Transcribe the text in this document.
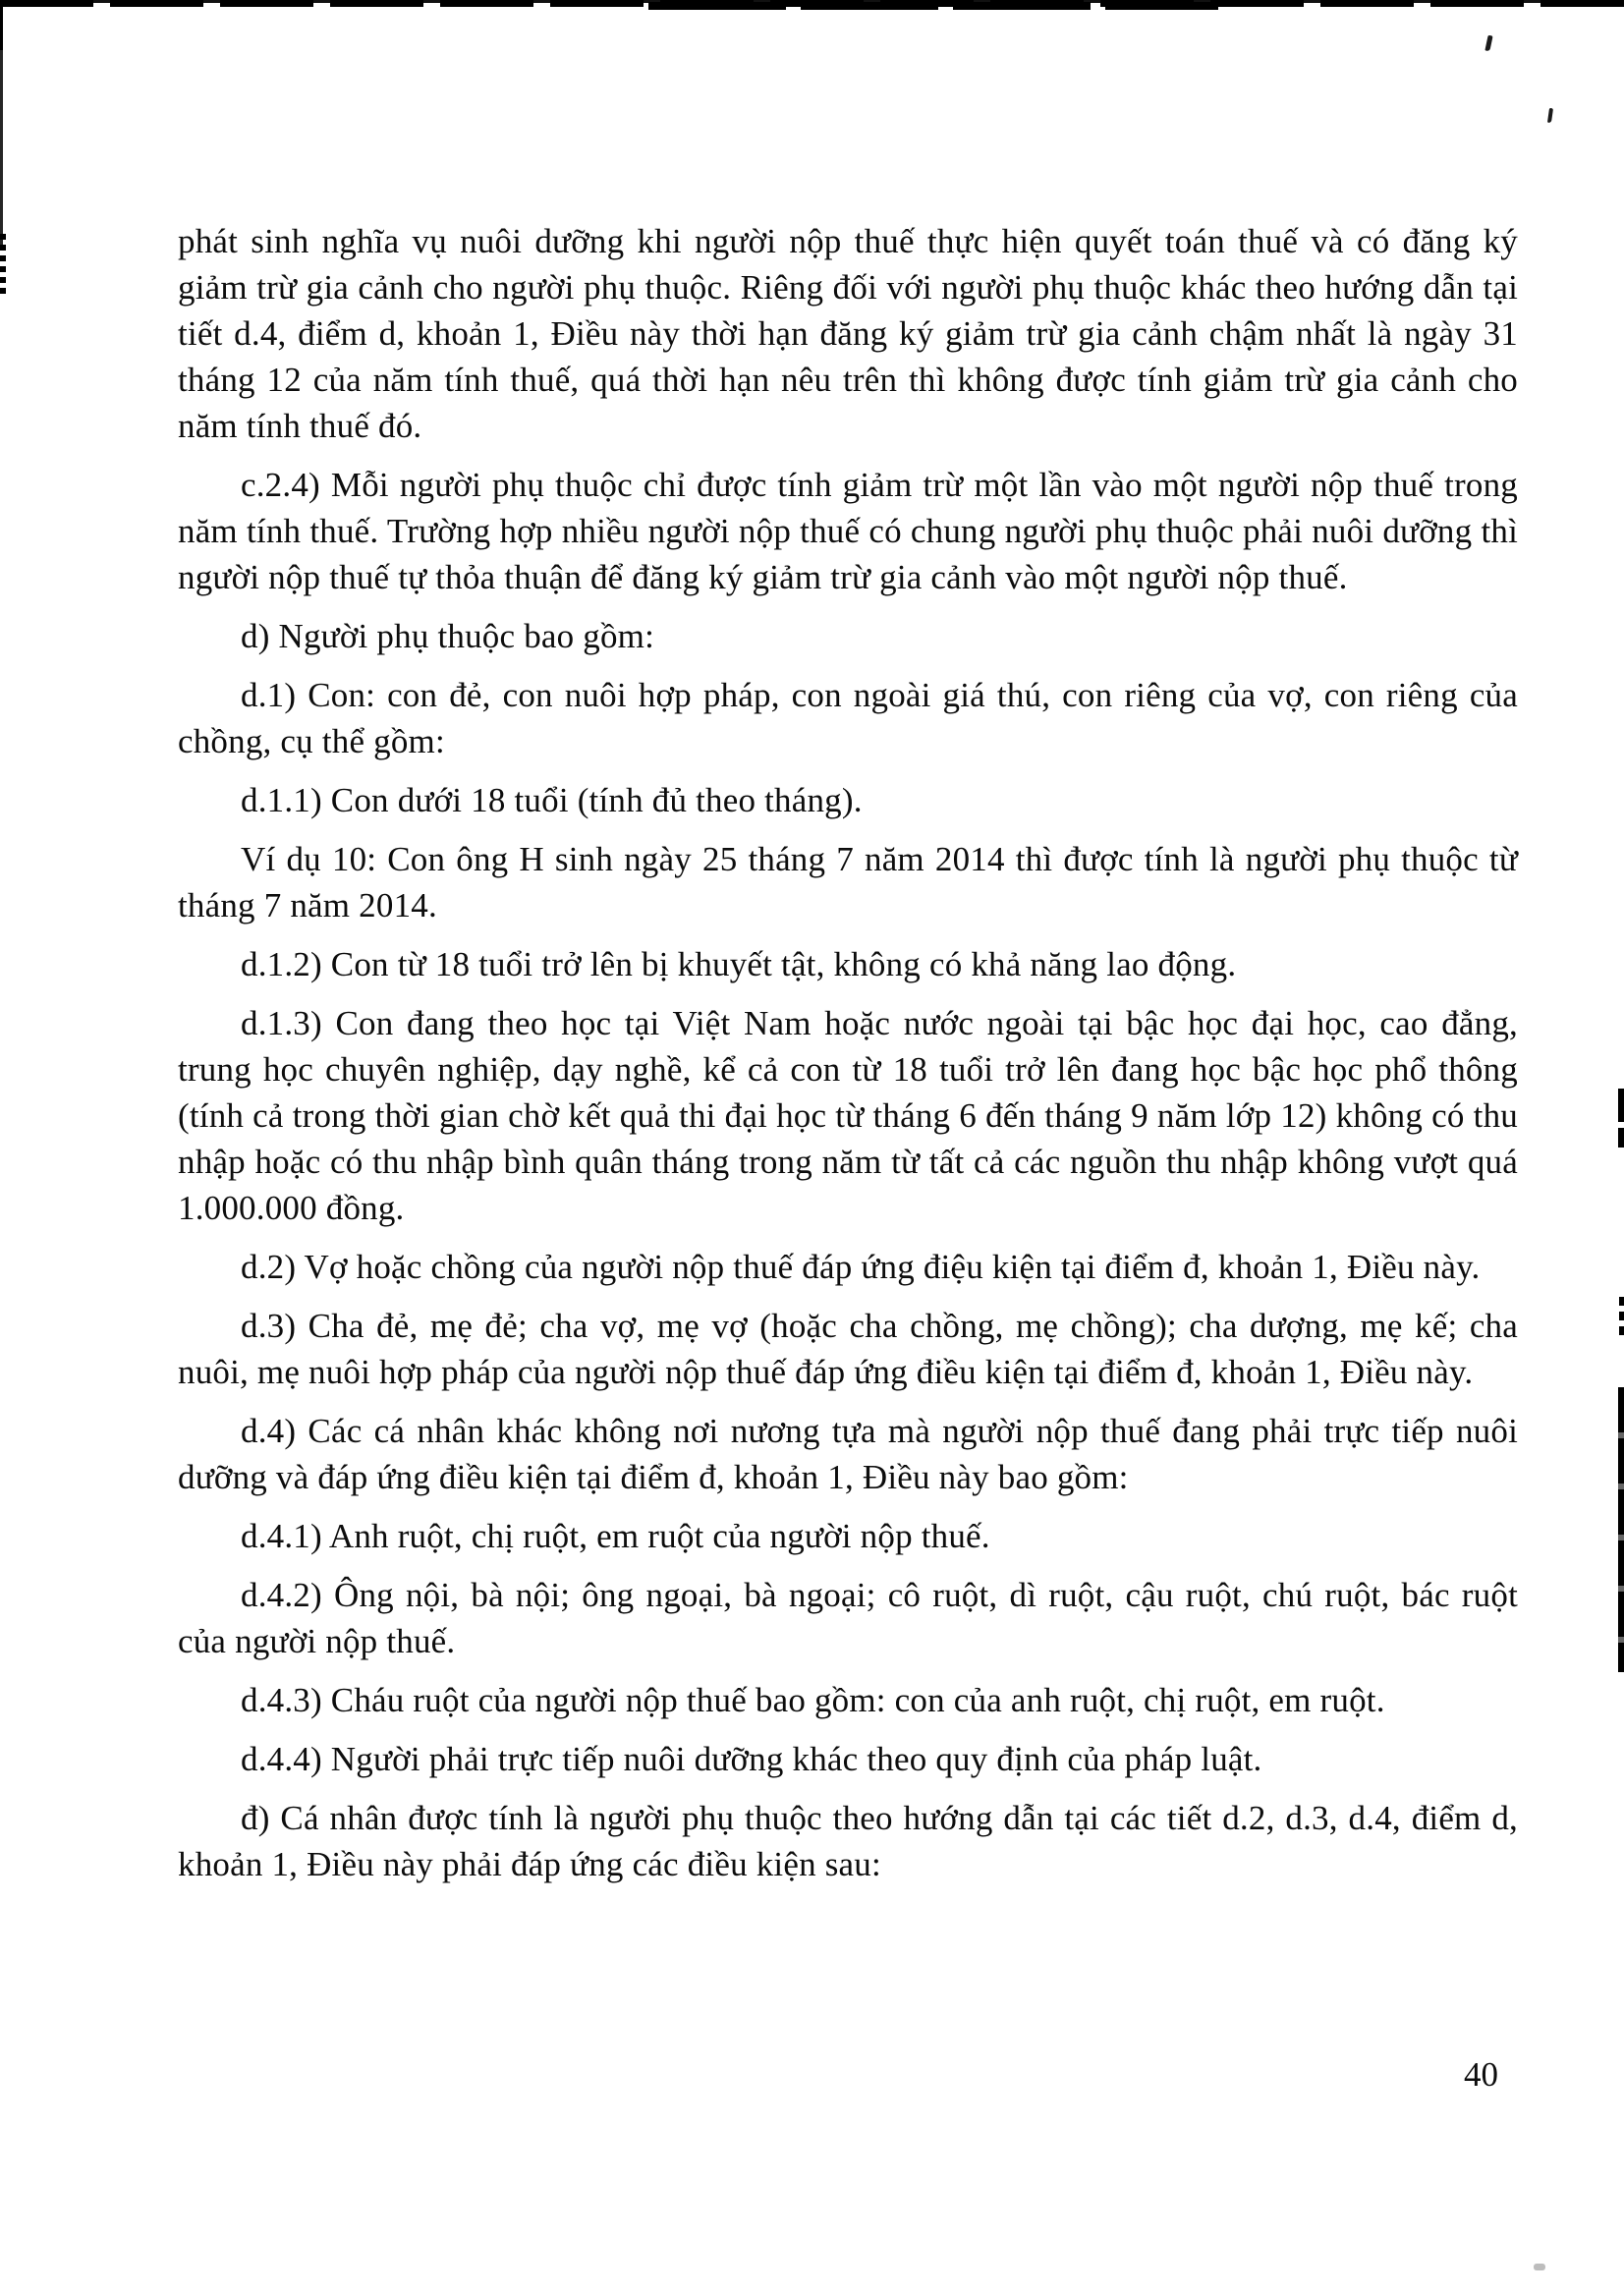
phát sinh nghĩa vụ nuôi dưỡng khi người nộp thuế thực hiện quyết toán thuế và có đăng ký giảm trừ gia cảnh cho người phụ thuộc. Riêng đối với người phụ thuộc khác theo hướng dẫn tại tiết d.4, điểm d, khoản 1, Điều này thời hạn đăng ký giảm trừ gia cảnh chậm nhất là ngày 31 tháng 12 của năm tính thuế, quá thời hạn nêu trên thì không được tính giảm trừ gia cảnh cho năm tính thuế đó.

c.2.4) Mỗi người phụ thuộc chỉ được tính giảm trừ một lần vào một người nộp thuế trong năm tính thuế. Trường hợp nhiều người nộp thuế có chung người phụ thuộc phải nuôi dưỡng thì người nộp thuế tự thỏa thuận để đăng ký giảm trừ gia cảnh vào một người nộp thuế.

d) Người phụ thuộc bao gồm:

d.1) Con: con đẻ, con nuôi hợp pháp, con ngoài giá thú, con riêng của vợ, con riêng của chồng, cụ thể gồm:

d.1.1) Con dưới 18 tuổi (tính đủ theo tháng).

Ví dụ 10: Con ông H sinh ngày 25 tháng 7 năm 2014 thì được tính là người phụ thuộc từ tháng 7 năm 2014.

d.1.2) Con từ 18 tuổi trở lên bị khuyết tật, không có khả năng lao động.

d.1.3) Con đang theo học tại Việt Nam hoặc nước ngoài tại bậc học đại học, cao đẳng, trung học chuyên nghiệp, dạy nghề, kể cả con từ 18 tuổi trở lên đang học bậc học phổ thông (tính cả trong thời gian chờ kết quả thi đại học từ tháng 6 đến tháng 9 năm lớp 12) không có thu nhập hoặc có thu nhập bình quân tháng trong năm từ tất cả các nguồn thu nhập không vượt quá 1.000.000 đồng.

d.2) Vợ hoặc chồng của người nộp thuế đáp ứng điệu kiện tại điểm đ, khoản 1, Điều này.

d.3) Cha đẻ, mẹ đẻ; cha vợ, mẹ vợ (hoặc cha chồng, mẹ chồng); cha dượng, mẹ kế; cha nuôi, mẹ nuôi hợp pháp của người nộp thuế đáp ứng điều kiện tại điểm đ, khoản 1, Điều này.

d.4) Các cá nhân khác không nơi nương tựa mà người nộp thuế đang phải trực tiếp nuôi dưỡng và đáp ứng điều kiện tại điểm đ, khoản 1, Điều này bao gồm:

d.4.1) Anh ruột, chị ruột, em ruột của người nộp thuế.

d.4.2) Ông nội, bà nội; ông ngoại, bà ngoại; cô ruột, dì ruột, cậu ruột, chú ruột, bác ruột của người nộp thuế.

d.4.3) Cháu ruột của người nộp thuế bao gồm: con của anh ruột, chị ruột, em ruột.

d.4.4) Người phải trực tiếp nuôi dưỡng khác theo quy định của pháp luật.

đ) Cá nhân được tính là người phụ thuộc theo hướng dẫn tại các tiết d.2, d.3, d.4, điểm d, khoản 1, Điều này phải đáp ứng các điều kiện sau:

40
